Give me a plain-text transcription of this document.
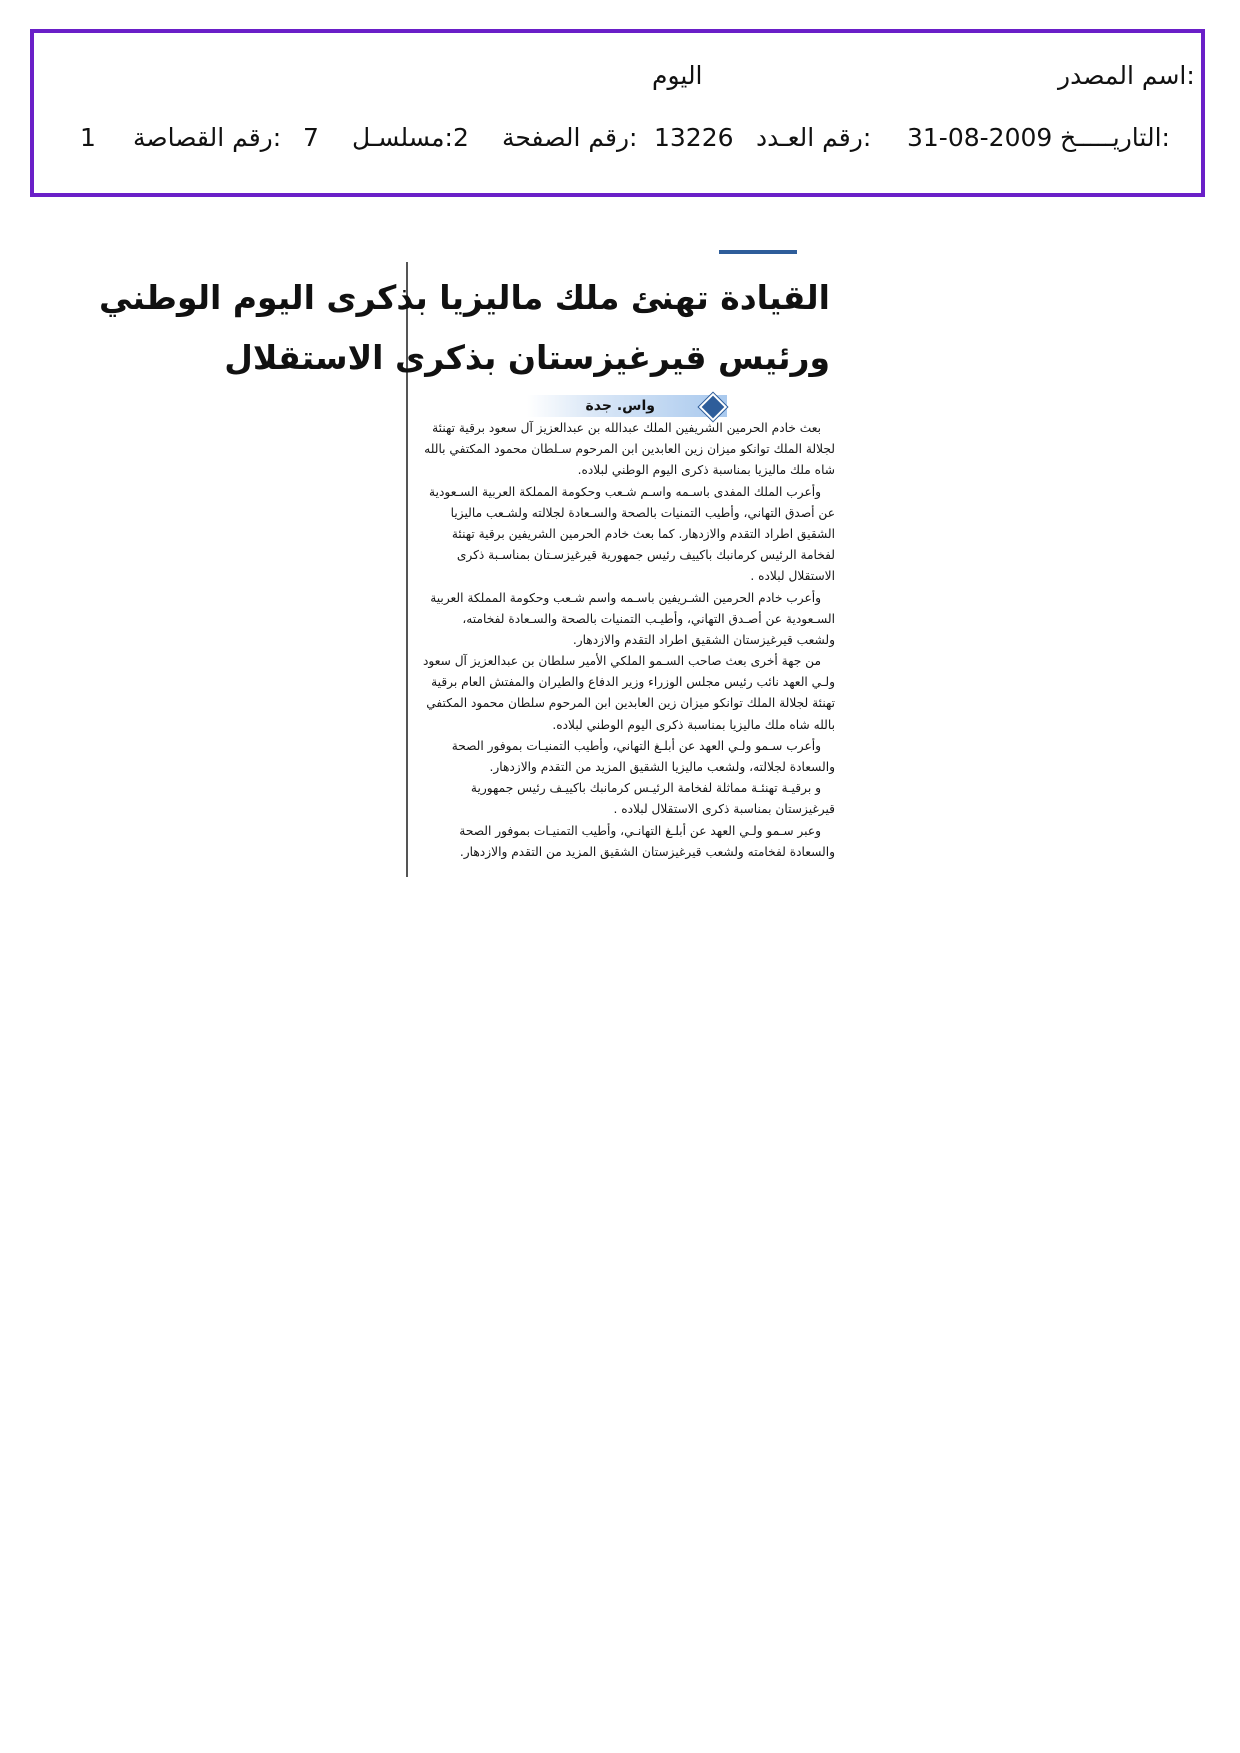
اسم المصدر:
اليوم
التاريـــــخ:
31-08-2009
رقم العـدد:
13226
رقم الصفحة:
2
مسلسـل:
7
رقم القصاصة:
1
القيادة تهنئ ملك ماليزيا بذكرى اليوم الوطني
ورئيس قيرغيزستان بذكرى الاستقلال
واس. جدة
بعث خادم الحرمين الشريفين الملك عبدالله بن عبدالعزيز آل سعود برقية تهنئة
لجلالة الملك توانكو ميزان زين العابدين ابن المرحوم سـلطان محمود المكتفي بالله
شاه ملك ماليزيا بمناسبة ذكرى اليوم الوطني لبلاده.
وأعرب الملك المفدى باسـمه واسـم شـعب وحكومة المملكة العربية السـعودية
عن أصدق التهاني، وأطيب التمنيات بالصحة والسـعادة لجلالته ولشـعب ماليزيا
الشقيق اطراد التقدم والازدهار. كما بعث خادم الحرمين الشريفين برقية تهنئة
لفخامة الرئيس كرمانبك باكييف رئيس جمهورية قيرغيزسـتان بمناسـبة ذكرى
الاستقلال لبلاده .
وأعرب خادم الحرمين الشـريفين باسـمه واسم شـعب وحكومة المملكة العربية
السـعودية عن أصـدق التهاني، وأطيـب التمنيات بالصحة والسـعادة لفخامته،
ولشعب قيرغيزستان الشقيق اطراد التقدم والازدهار.
من جهة أخرى بعث صاحب السـمو الملكي الأمير سلطان بن عبدالعزيز آل سعود
ولـي العهد نائب رئيس مجلس الوزراء وزير الدفاع والطيران والمفتش العام برقية
تهنئة لجلالة الملك توانكو ميزان زين العابدين ابن المرحوم سلطان محمود المكتفي
بالله شاه ملك ماليزيا بمناسبة ذكرى اليوم الوطني لبلاده.
وأعرب سـمو ولـي العهد عن أبلـغ التهاني، وأطيب التمنيـات بموفور الصحة
والسعادة لجلالته، ولشعب ماليزيا الشقيق المزيد من التقدم والازدهار.
و برقيـة تهنئـة مماثلة لفخامة الرئيـس كرمانبك باكييـف رئيس جمهورية
قيرغيزستان بمناسبة ذكرى الاستقلال لبلاده .
وعبر سـمو ولـي العهد عن أبلـغ التهانـي، وأطيب التمنيـات بموفور الصحة
والسعادة لفخامته ولشعب قيرغيزستان الشقيق المزيد من التقدم والازدهار.
